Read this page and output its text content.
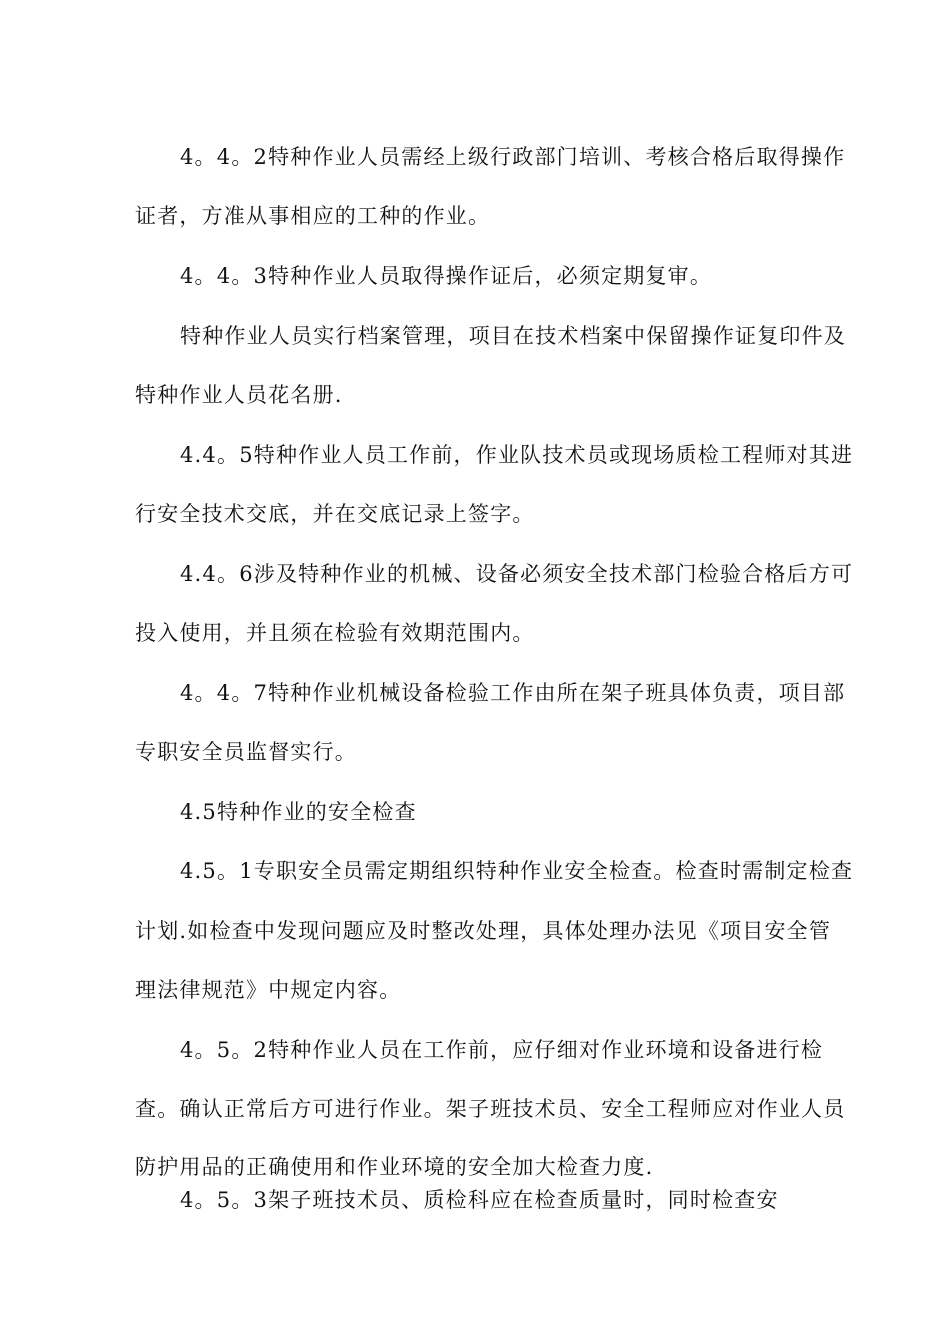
4。4。2特种作业人员需经上级行政部门培训、考核合格后取得操作
证者，方准从事相应的工种的作业。
4。4。3特种作业人员取得操作证后，必须定期复审。
特种作业人员实行档案管理，项目在技术档案中保留操作证复印件及
特种作业人员花名册.
4.4。5特种作业人员工作前，作业队技术员或现场质检工程师对其进
行安全技术交底，并在交底记录上签字。
4.4。6涉及特种作业的机械、设备必须安全技术部门检验合格后方可
投入使用，并且须在检验有效期范围内。
4。4。7特种作业机械设备检验工作由所在架子班具体负责，项目部
专职安全员监督实行。
4.5特种作业的安全检查
4.5。1专职安全员需定期组织特种作业安全检查。检查时需制定检查
计划.如检查中发现问题应及时整改处理，具体处理办法见《项目安全管
理法律规范》中规定内容。
4。5。2特种作业人员在工作前，应仔细对作业环境和设备进行检
查。确认正常后方可进行作业。架子班技术员、安全工程师应对作业人员
防护用品的正确使用和作业环境的安全加大检查力度.
4。5。3架子班技术员、质检科应在检查质量时，同时检查安
